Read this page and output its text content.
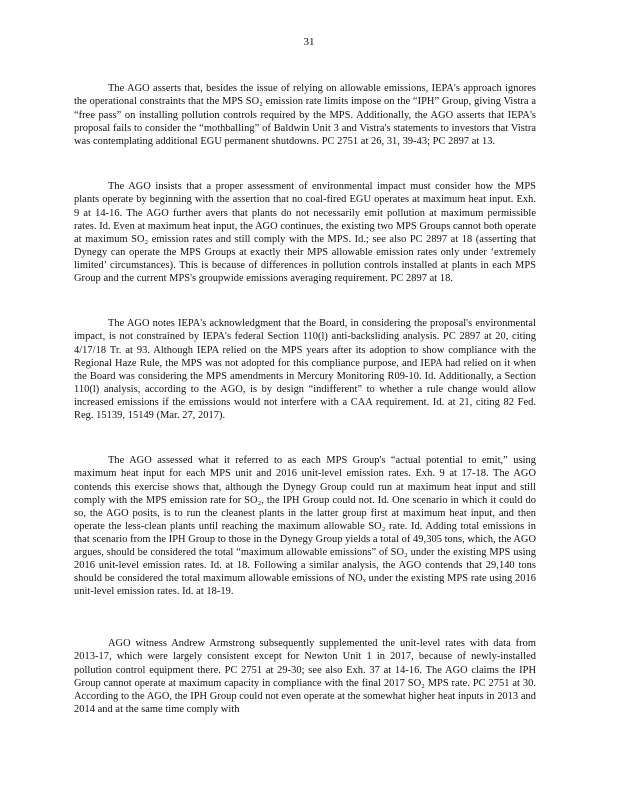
31

The AGO asserts that, besides the issue of relying on allowable emissions, IEPA's approach ignores the operational constraints that the MPS SO₂ emission rate limits impose on the “IPH” Group, giving Vistra a “free pass” on installing pollution controls required by the MPS. Additionally, the AGO asserts that IEPA's proposal fails to consider the “mothballing” of Baldwin Unit 3 and Vistra's statements to investors that Vistra was contemplating additional EGU permanent shutdowns. PC 2751 at 26, 31, 39-43; PC 2897 at 13.

The AGO insists that a proper assessment of environmental impact must consider how the MPS plants operate by beginning with the assertion that no coal-fired EGU operates at maximum heat input. Exh. 9 at 14-16. The AGO further avers that plants do not necessarily emit pollution at maximum permissible rates. Id. Even at maximum heat input, the AGO continues, the existing two MPS Groups cannot both operate at maximum SO₂ emission rates and still comply with the MPS. Id.; see also PC 2897 at 18 (asserting that Dynegy can operate the MPS Groups at exactly their MPS allowable emission rates only under ‘extremely limited’ circumstances). This is because of differences in pollution controls installed at plants in each MPS Group and the current MPS's groupwide emissions averaging requirement. PC 2897 at 18.

The AGO notes IEPA's acknowledgment that the Board, in considering the proposal's environmental impact, is not constrained by IEPA's federal Section 110(l) anti-backsliding analysis. PC 2897 at 20, citing 4/17/18 Tr. at 93. Although IEPA relied on the MPS years after its adoption to show compliance with the Regional Haze Rule, the MPS was not adopted for this compliance purpose, and IEPA had relied on it when the Board was considering the MPS amendments in Mercury Monitoring R09-10. Id. Additionally, a Section 110(l) analysis, according to the AGO, is by design “indifferent” to whether a rule change would allow increased emissions if the emissions would not interfere with a CAA requirement. Id. at 21, citing 82 Fed. Reg. 15139, 15149 (Mar. 27, 2017).

The AGO assessed what it referred to as each MPS Group's “actual potential to emit,” using maximum heat input for each MPS unit and 2016 unit-level emission rates. Exh. 9 at 17-18. The AGO contends this exercise shows that, although the Dynegy Group could run at maximum heat input and still comply with the MPS emission rate for SO₂, the IPH Group could not. Id. One scenario in which it could do so, the AGO posits, is to run the cleanest plants in the latter group first at maximum heat input, and then operate the less-clean plants until reaching the maximum allowable SO₂ rate. Id. Adding total emissions in that scenario from the IPH Group to those in the Dynegy Group yields a total of 49,305 tons, which, the AGO argues, should be considered the total “maximum allowable emissions” of SO₂ under the existing MPS using 2016 unit-level emission rates. Id. at 18. Following a similar analysis, the AGO contends that 29,140 tons should be considered the total maximum allowable emissions of NOₓ under the existing MPS rate using 2016 unit-level emission rates. Id. at 18-19.

AGO witness Andrew Armstrong subsequently supplemented the unit-level rates with data from 2013-17, which were largely consistent except for Newton Unit 1 in 2017, because of newly-installed pollution control equipment there. PC 2751 at 29-30; see also Exh. 37 at 14-16. The AGO claims the IPH Group cannot operate at maximum capacity in compliance with the final 2017 SO₂ MPS rate. PC 2751 at 30. According to the AGO, the IPH Group could not even operate at the somewhat higher heat inputs in 2013 and 2014 and at the same time comply with
